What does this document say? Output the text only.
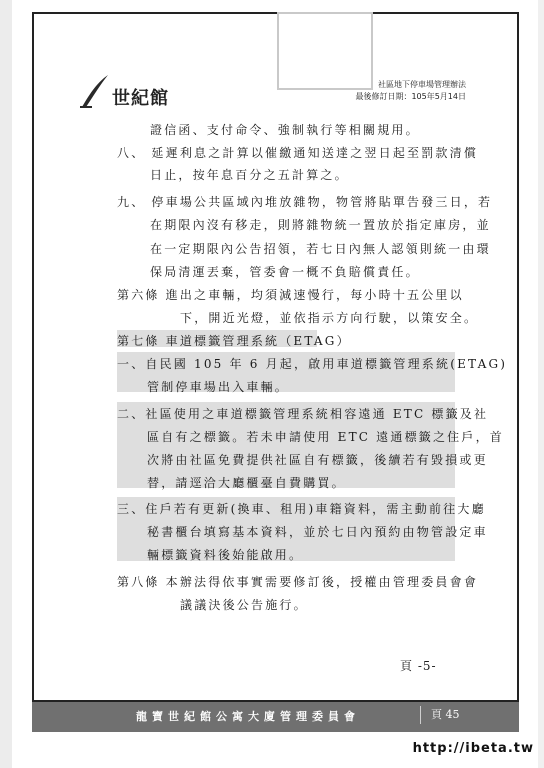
世紀館
社區地下停車場管理辦法
最後修訂日期：105年5月14日
證信函、支付命令、強制執行等相關規用。
八、 延遲利息之計算以催繳通知送達之翌日起至罰款清償
日止，按年息百分之五計算之。
九、 停車場公共區域內堆放雜物，物管將貼單告發三日，若
在期限內沒有移走，則將雜物統一置放於指定庫房，並
在一定期限內公告招領，若七日內無人認領則統一由環
保局清運丟棄，管委會一概不負賠償責任。
第六條 進出之車輛，均須減速慢行，每小時十五公里以
下，開近光燈，並依指示方向行駛，以策安全。
第七條 車道標籤管理系統（ETAG）
一、自民國 105 年 6 月起，啟用車道標籤管理系統(ETAG)
管制停車場出入車輛。
二、社區使用之車道標籤管理系統相容遠通 ETC 標籤及社
區自有之標籤。若未申請使用 ETC 遠通標籤之住戶，首
次將由社區免費提供社區自有標籤，後續若有毀損或更
替，請逕洽大廳櫃臺自費購買。
三、住戶若有更新(換車、租用)車籍資料，需主動前往大廳
秘書櫃台填寫基本資料，並於七日內預約由物管設定車
輛標籤資料後始能啟用。
第八條 本辦法得依事實需要修訂後，授權由管理委員會會
議議決後公告施行。
頁 -5-
龍寶世紀館公寓大廈管理委員會	頁 45
http://ibeta.tw
